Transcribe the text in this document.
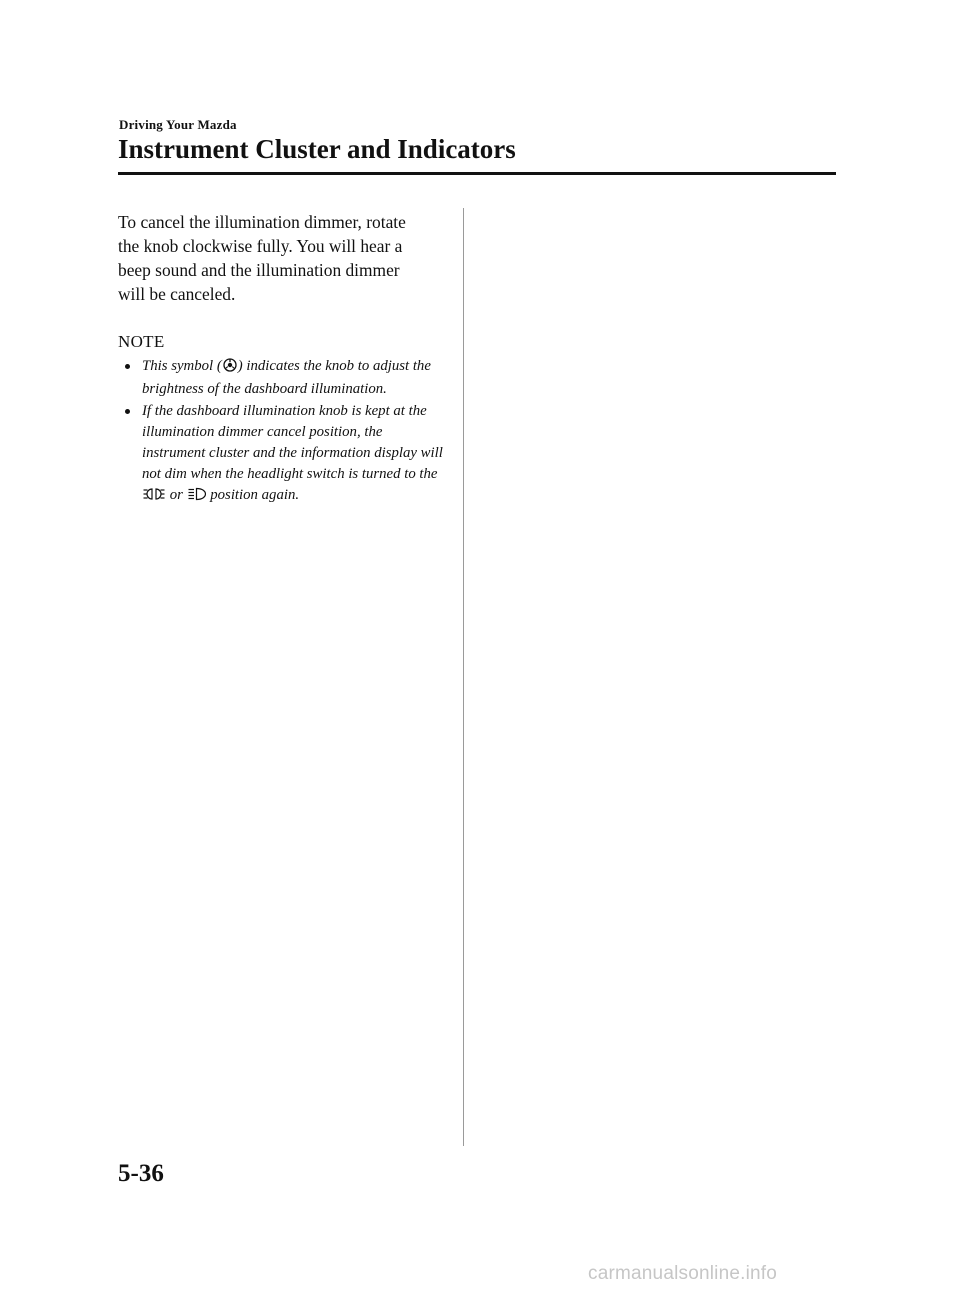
Driving Your Mazda
Instrument Cluster and Indicators

To cancel the illumination dimmer, rotate
the knob clockwise fully. You will hear a
beep sound and the illumination dimmer
will be canceled.

NOTE
This symbol ( ) indicates the knob to adjust the brightness of the dashboard illumination.
If the dashboard illumination knob is kept at the illumination dimmer cancel position, the instrument cluster and the information display will not dim when the headlight switch is turned to the  or  position again.
5-36
carmanualsonline.info
